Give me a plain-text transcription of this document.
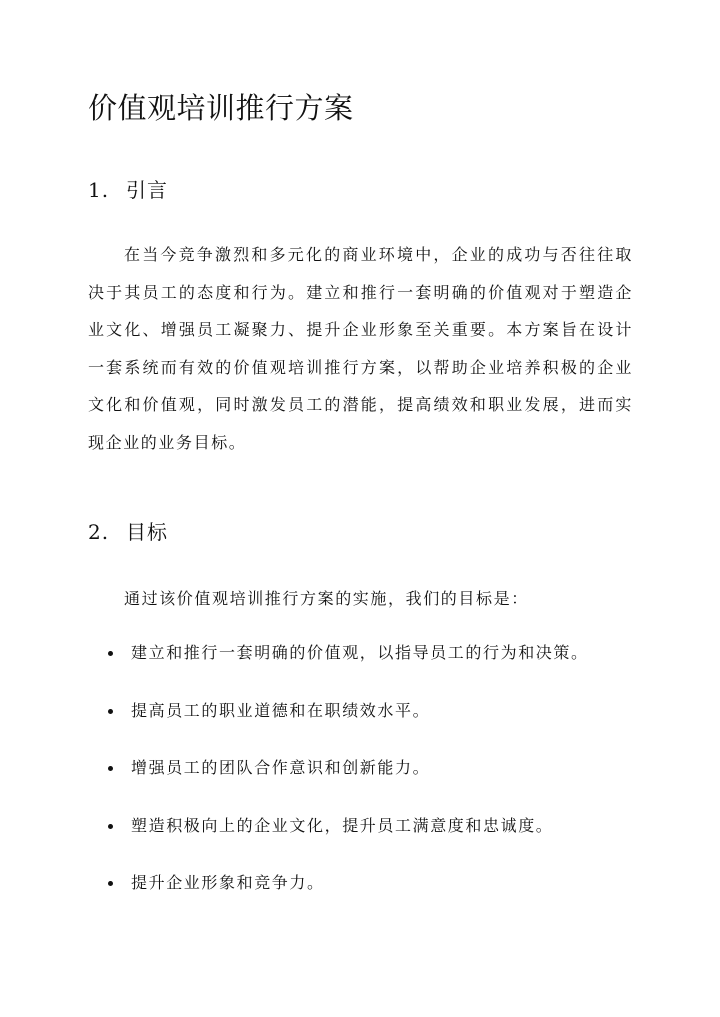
价值观培训推行方案
1. 引言

在当今竞争激烈和多元化的商业环境中，企业的成功与否往往取决于其员工的态度和行为。建立和推行一套明确的价值观对于塑造企业文化、增强员工凝聚力、提升企业形象至关重要。本方案旨在设计一套系统而有效的价值观培训推行方案，以帮助企业培养积极的企业文化和价值观，同时激发员工的潜能，提高绩效和职业发展，进而实现企业的业务目标。

2. 目标

通过该价值观培训推行方案的实施，我们的目标是：

建立和推行一套明确的价值观，以指导员工的行为和决策。
提高员工的职业道德和在职绩效水平。
增强员工的团队合作意识和创新能力。
塑造积极向上的企业文化，提升员工满意度和忠诚度。
提升企业形象和竞争力。
